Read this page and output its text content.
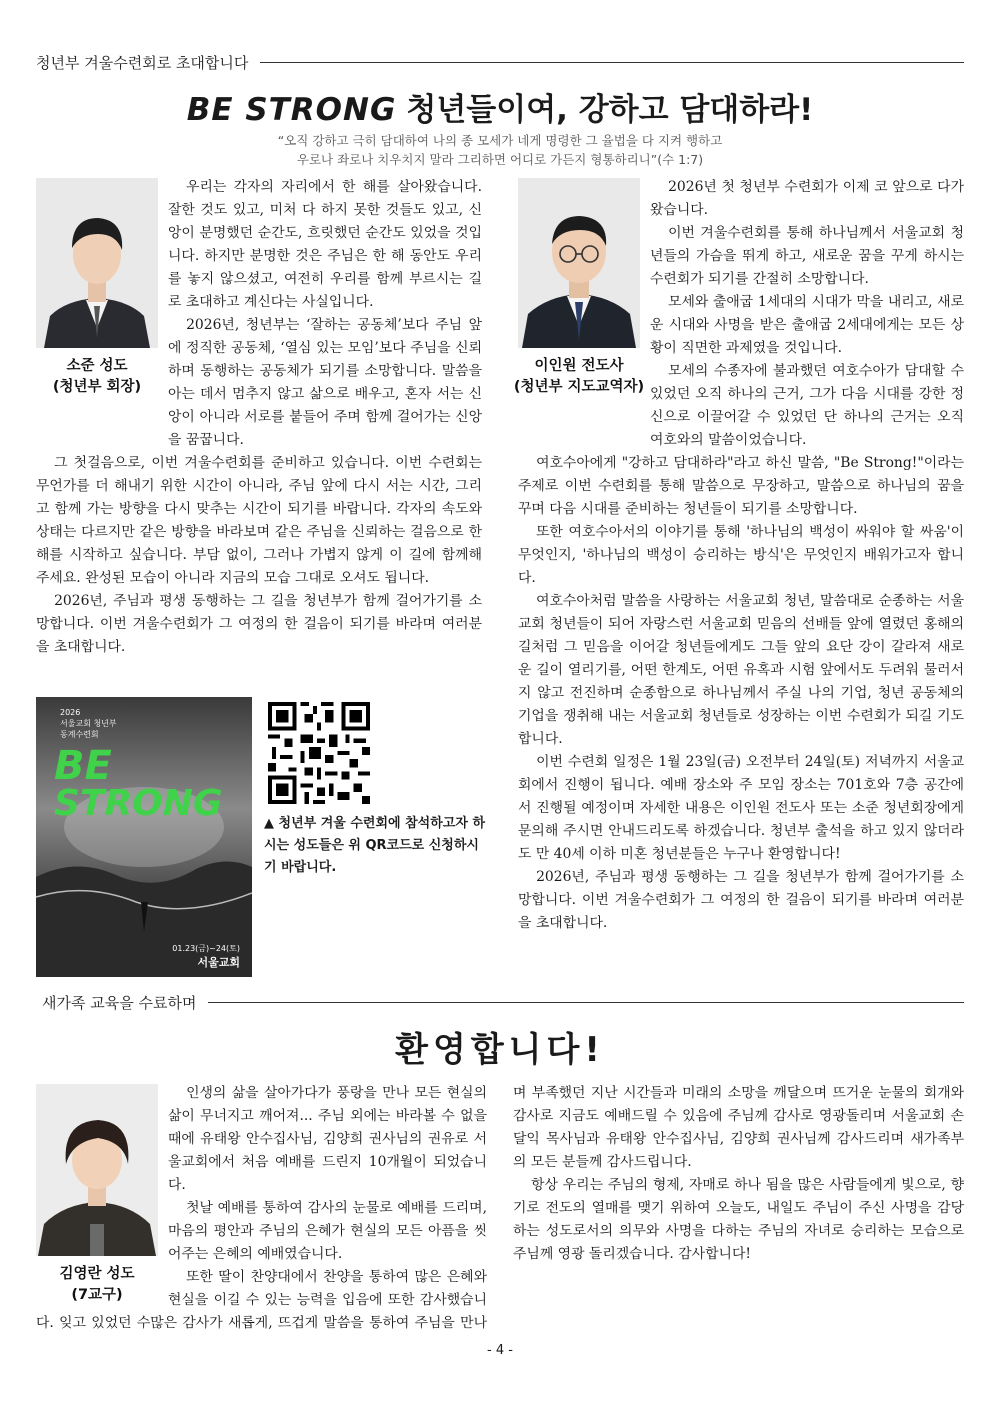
청년부 겨울수련회로 초대합니다
BE STRONG 청년들이여, 강하고 담대하라!
“오직 강하고 극히 담대하여 나의 종 모세가 네게 명령한 그 율법을 다 지켜 행하고
우로나 좌로나 치우치지 말라 그리하면 어디로 가든지 형통하리니”(수 1:7)
소준 성도
(청년부 회장)

우리는 각자의 자리에서 한 해를 살아왔습니다. 잘한 것도 있고, 미처 다 하지 못한 것들도 있고, 신앙이 분명했던 순간도, 흐릿했던 순간도 있었을 것입니다. 하지만 분명한 것은 주님은 한 해 동안도 우리를 놓지 않으셨고, 여전히 우리를 함께 부르시는 길로 초대하고 계신다는 사실입니다.

2026년, 청년부는 ‘잘하는 공동체’보다 주님 앞에 정직한 공동체, ‘열심 있는 모임’보다 주님을 신뢰하며 동행하는 공동체가 되기를 소망합니다. 말씀을 아는 데서 멈추지 않고 삶으로 배우고, 혼자 서는 신앙이 아니라 서로를 붙들어 주며 함께 걸어가는 신앙을 꿈꿉니다.

그 첫걸음으로, 이번 겨울수련회를 준비하고 있습니다. 이번 수련회는 무언가를 더 해내기 위한 시간이 아니라, 주님 앞에 다시 서는 시간, 그리고 함께 가는 방향을 다시 맞추는 시간이 되기를 바랍니다. 각자의 속도와 상태는 다르지만 같은 방향을 바라보며 같은 주님을 신뢰하는 걸음으로 한 해를 시작하고 싶습니다. 부담 없이, 그러나 가볍지 않게 이 길에 함께해 주세요. 완성된 모습이 아니라 지금의 모습 그대로 오셔도 됩니다.

2026년, 주님과 평생 동행하는 그 길을 청년부가 함께 걸어가기를 소망합니다. 이번 겨울수련회가 그 여정의 한 걸음이 되기를 바라며 여러분을 초대합니다.

이인원 전도사
(청년부 지도교역자)

2026년 첫 청년부 수련회가 이제 코 앞으로 다가왔습니다.

이번 겨울수련회를 통해 하나님께서 서울교회 청년들의 가슴을 뛰게 하고, 새로운 꿈을 꾸게 하시는 수련회가 되기를 간절히 소망합니다.

모세와 출애굽 1세대의 시대가 막을 내리고, 새로운 시대와 사명을 받은 출애굽 2세대에게는 모든 상황이 직면한 과제였을 것입니다.

모세의 수종자에 불과했던 여호수아가 담대할 수 있었던 오직 하나의 근거, 그가 다음 시대를 강한 정신으로 이끌어갈 수 있었던 단 하나의 근거는 오직 여호와의 말씀이었습니다.

여호수아에게 "강하고 담대하라"라고 하신 말씀, "Be Strong!"이라는 주제로 이번 수련회를 통해 말씀으로 무장하고, 말씀으로 하나님의 꿈을 꾸며 다음 시대를 준비하는 청년들이 되기를 소망합니다.

또한 여호수아서의 이야기를 통해 '하나님의 백성이 싸워야 할 싸움'이 무엇인지, '하나님의 백성이 승리하는 방식'은 무엇인지 배워가고자 합니다.

여호수아처럼 말씀을 사랑하는 서울교회 청년, 말씀대로 순종하는 서울교회 청년들이 되어 자랑스런 서울교회 믿음의 선배들 앞에 열렸던 홍해의 길처럼 그 믿음을 이어갈 청년들에게도 그들 앞의 요단 강이 갈라져 새로운 길이 열리기를, 어떤 한계도, 어떤 유혹과 시험 앞에서도 두려워 물러서지 않고 전진하며 순종함으로 하나님께서 주실 나의 기업, 청년 공동체의 기업을 쟁취해 내는 서울교회 청년들로 성장하는 이번 수련회가 되길 기도합니다.

이번 수련회 일정은 1월 23일(금) 오전부터 24일(토) 저녁까지 서울교회에서 진행이 됩니다. 예배 장소와 주 모임 장소는 701호와 7층 공간에서 진행될 예정이며 자세한 내용은 이인원 전도사 또는 소준 청년회장에게 문의해 주시면 안내드리도록 하겠습니다. 청년부 출석을 하고 있지 않더라도 만 40세 이하 미혼 청년분들은 누구나 환영합니다!

2026년, 주님과 평생 동행하는 그 길을 청년부가 함께 걸어가기를 소망합니다. 이번 겨울수련회가 그 여정의 한 걸음이 되기를 바라며 여러분을 초대합니다.

2026
서울교회 청년부
동계수련회
BE
STRONG
01.23(금)~24(토)
서울교회
▲ 청년부 겨울 수련회에 참석하고자 하시는 성도들은 위 QR코드로 신청하시기 바랍니다.
새가족 교육을 수료하며
환영합니다!
김영란 성도
(7교구)

인생의 삶을 살아가다가 풍랑을 만나 모든 현실의 삶이 무너지고 깨어져... 주님 외에는 바라볼 수 없을 때에 유태왕 안수집사님, 김양희 권사님의 권유로 서울교회에서 처음 예배를 드린지 10개월이 되었습니다.

첫날 예배를 통하여 감사의 눈물로 예배를 드리며, 마음의 평안과 주님의 은혜가 현실의 모든 아픔을 씻어주는 은혜의 예배였습니다.

또한 딸이 찬양대에서 찬양을 통하여 많은 은혜와 현실을 이길 수 있는 능력을 입음에 또한 감사했습니다. 잊고 있었던 수많은 감사가 새롭게, 뜨겁게 말씀을 통하여 주님을 만나며 부족했던 지난 시간들과 미래의 소망을 깨달으며 뜨거운 눈물의 회개와 감사로 지금도 예배드릴 수 있음에 주님께 감사로 영광돌리며 서울교회 손달익 목사님과 유태왕 안수집사님, 김양희 권사님께 감사드리며 새가족부의 모든 분들께 감사드립니다.

항상 우리는 주님의 형제, 자매로 하나 됨을 많은 사람들에게 빛으로, 향기로 전도의 열매를 맺기 위하여 오늘도, 내일도 주님이 주신 사명을 감당하는 성도로서의 의무와 사명을 다하는 주님의 자녀로 승리하는 모습으로 주님께 영광 돌리겠습니다. 감사합니다!

- 4 -
